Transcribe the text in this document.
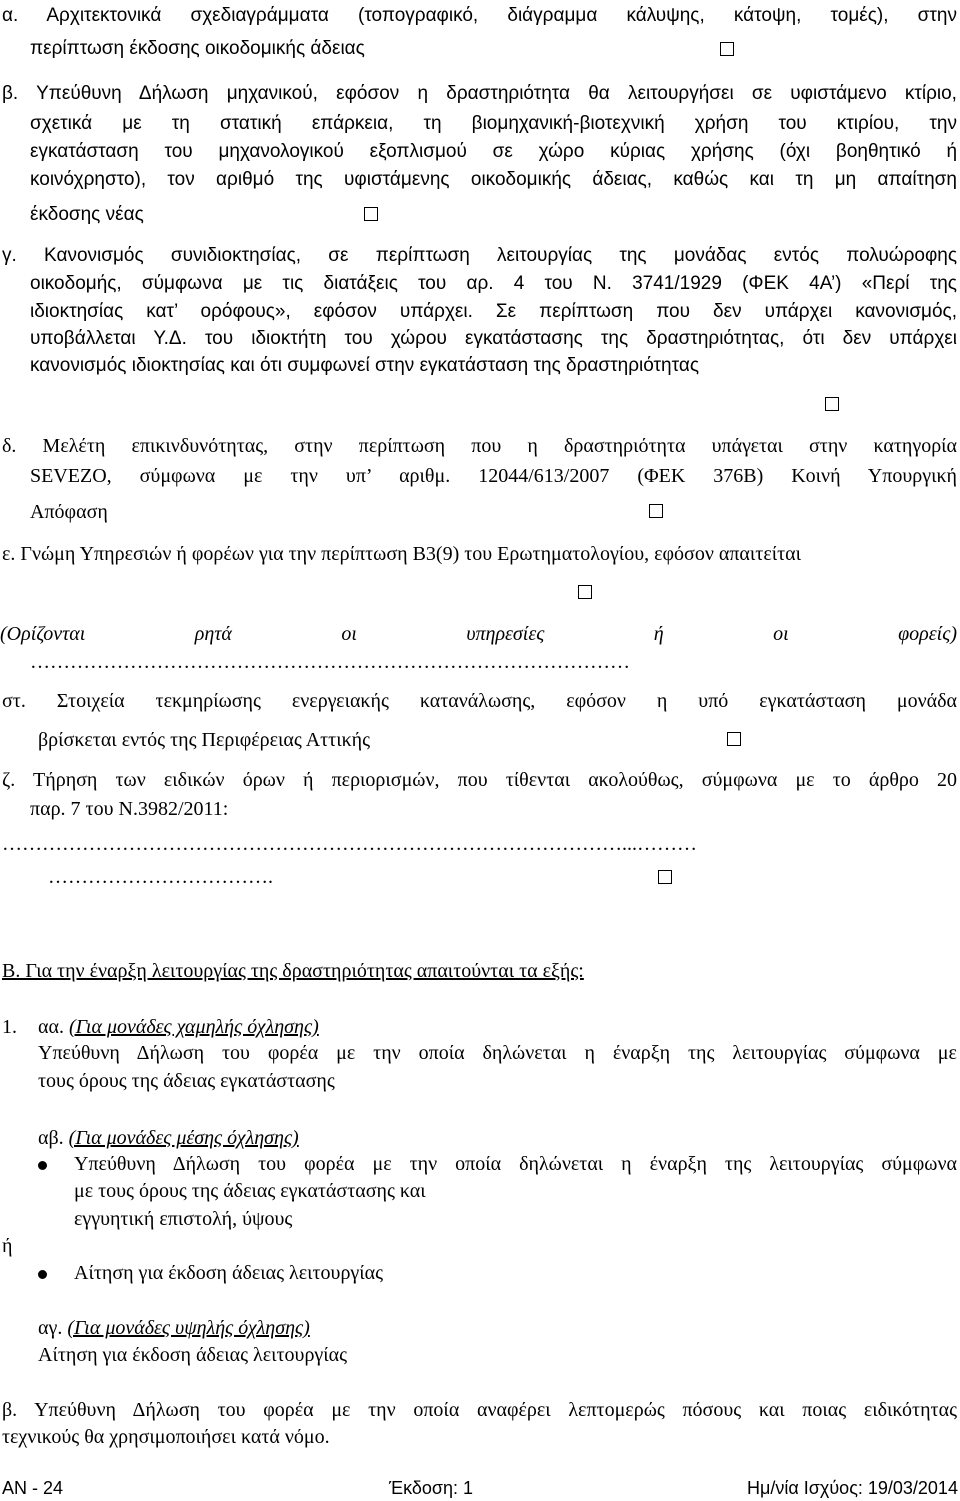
α. Αρχιτεκτονικά σχεδιαγράμματα (τοπογραφικό, διάγραμμα κάλυψης, κάτοψη, τομές), στην
περίπτωση έκδοσης οικοδομικής άδειας
β. Υπεύθυνη Δήλωση μηχανικού, εφόσον η δραστηριότητα θα λειτουργήσει σε υφιστάμενο κτίριο,
σχετικά με τη στατική επάρκεια, τη βιομηχανική-βιοτεχνική χρήση του κτιρίου, την
εγκατάσταση του μηχανολογικού εξοπλισμού σε χώρο κύριας χρήσης (όχι βοηθητικό ή
κοινόχρηστο), τον αριθμό της υφιστάμενης οικοδομικής άδειας, καθώς και τη μη απαίτηση
έκδοσης νέας
γ. Κανονισμός συνιδιοκτησίας, σε περίπτωση λειτουργίας της μονάδας εντός πολυώροφης
οικοδομής, σύμφωνα με τις διατάξεις του αρ. 4 του Ν. 3741/1929 (ΦΕΚ 4Α’) «Περί της
ιδιοκτησίας κατ’ ορόφους», εφόσον υπάρχει. Σε περίπτωση που δεν υπάρχει κανονισμός,
υποβάλλεται Υ.Δ. του ιδιοκτήτη του χώρου εγκατάστασης της δραστηριότητας, ότι δεν υπάρχει
κανονισμός ιδιοκτησίας και ότι συμφωνεί στην εγκατάσταση της δραστηριότητας
δ. Μελέτη επικινδυνότητας, στην περίπτωση που η δραστηριότητα υπάγεται στην κατηγορία
SEVEZO, σύμφωνα με την υπ’ αριθμ. 12044/613/2007 (ΦΕΚ 376Β) Κοινή Υπουργική
Απόφαση
ε. Γνώμη Υπηρεσιών ή φορέων για την περίπτωση Β3(9) του Ερωτηματολογίου, εφόσον απαιτείται
(Ορίζονται ρητά οι υπηρεσίες ή οι φορείς)
………………………………………………………………………………
στ. Στοιχεία τεκμηρίωσης ενεργειακής κατανάλωσης, εφόσον η υπό εγκατάσταση μονάδα
βρίσκεται εντός της Περιφέρειας Αττικής
ζ. Τήρηση των ειδικών όρων ή περιορισμών, που τίθενται ακολούθως, σύμφωνα με το άρθρο 20
παρ. 7 του Ν.3982/2011:
…………………………………………………………………………………...………
…………………………….
Β. Για την έναρξη λειτουργίας της δραστηριότητας απαιτούνται τα εξής:
1. αα. (Για μονάδες χαμηλής όχλησης)
Υπεύθυνη Δήλωση του φορέα με την οποία δηλώνεται η έναρξη της λειτουργίας σύμφωνα με
τους όρους της άδειας εγκατάστασης
αβ. (Για μονάδες μέσης όχλησης)
Υπεύθυνη Δήλωση του φορέα με την οποία δηλώνεται η έναρξη της λειτουργίας σύμφωνα
με τους όρους της άδειας εγκατάστασης και
εγγυητική επιστολή, ύψους
ή
Αίτηση για έκδοση άδειας λειτουργίας
αγ. (Για μονάδες υψηλής όχλησης)
Αίτηση για έκδοση άδειας λειτουργίας
β. Υπεύθυνη Δήλωση του φορέα με την οποία αναφέρει λεπτομερώς πόσους και ποιας ειδικότητας
τεχνικούς θα χρησιμοποιήσει κατά νόμο.
ΑΝ - 24	Έκδοση: 1	Ημ/νία Ισχύος: 19/03/2014
